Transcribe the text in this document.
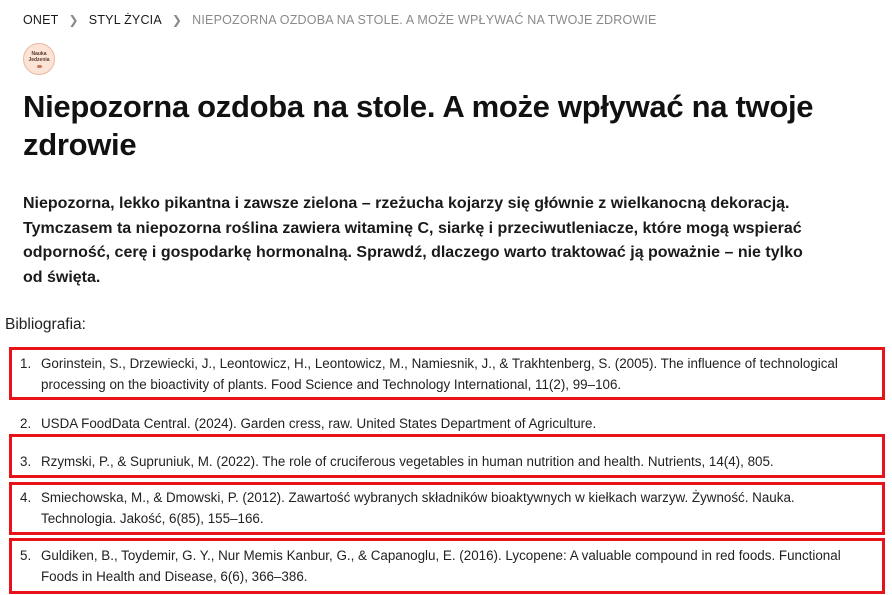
ONET ❯ STYL ŻYCIA ❯ NIEPOZORNA OZDOBA NA STOLE. A MOŻE WPŁYWAĆ NA TWOJE ZDROWIE
Nauka
Jedzenia
Niepozorna ozdoba na stole. A może wpływać na twoje zdrowie

Niepozorna, lekko pikantna i zawsze zielona – rzeżucha kojarzy się głównie z wielkanocną dekoracją. Tymczasem ta niepozorna roślina zawiera witaminę C, siarkę i przeciwutleniacze, które mogą wspierać odporność, cerę i gospodarkę hormonalną. Sprawdź, dlaczego warto traktować ją poważnie – nie tylko od święta.

Bibliografia:
1. Gorinstein, S., Drzewiecki, J., Leontowicz, H., Leontowicz, M., Namiesnik, J., & Trakhtenberg, S. (2005). The influence of technological processing on the bioactivity of plants. Food Science and Technology International, 11(2), 99–106.
2. USDA FoodData Central. (2024). Garden cress, raw. United States Department of Agriculture.
3. Rzymski, P., & Supruniuk, M. (2022). The role of cruciferous vegetables in human nutrition and health. Nutrients, 14(4), 805.
4. Smiechowska, M., & Dmowski, P. (2012). Zawartość wybranych składników bioaktywnych w kiełkach warzyw. Żywność. Nauka. Technologia. Jakość, 6(85), 155–166.
5. Guldiken, B., Toydemir, G. Y., Nur Memis Kanbur, G., & Capanoglu, E. (2016). Lycopene: A valuable compound in red foods. Functional Foods in Health and Disease, 6(6), 366–386.
